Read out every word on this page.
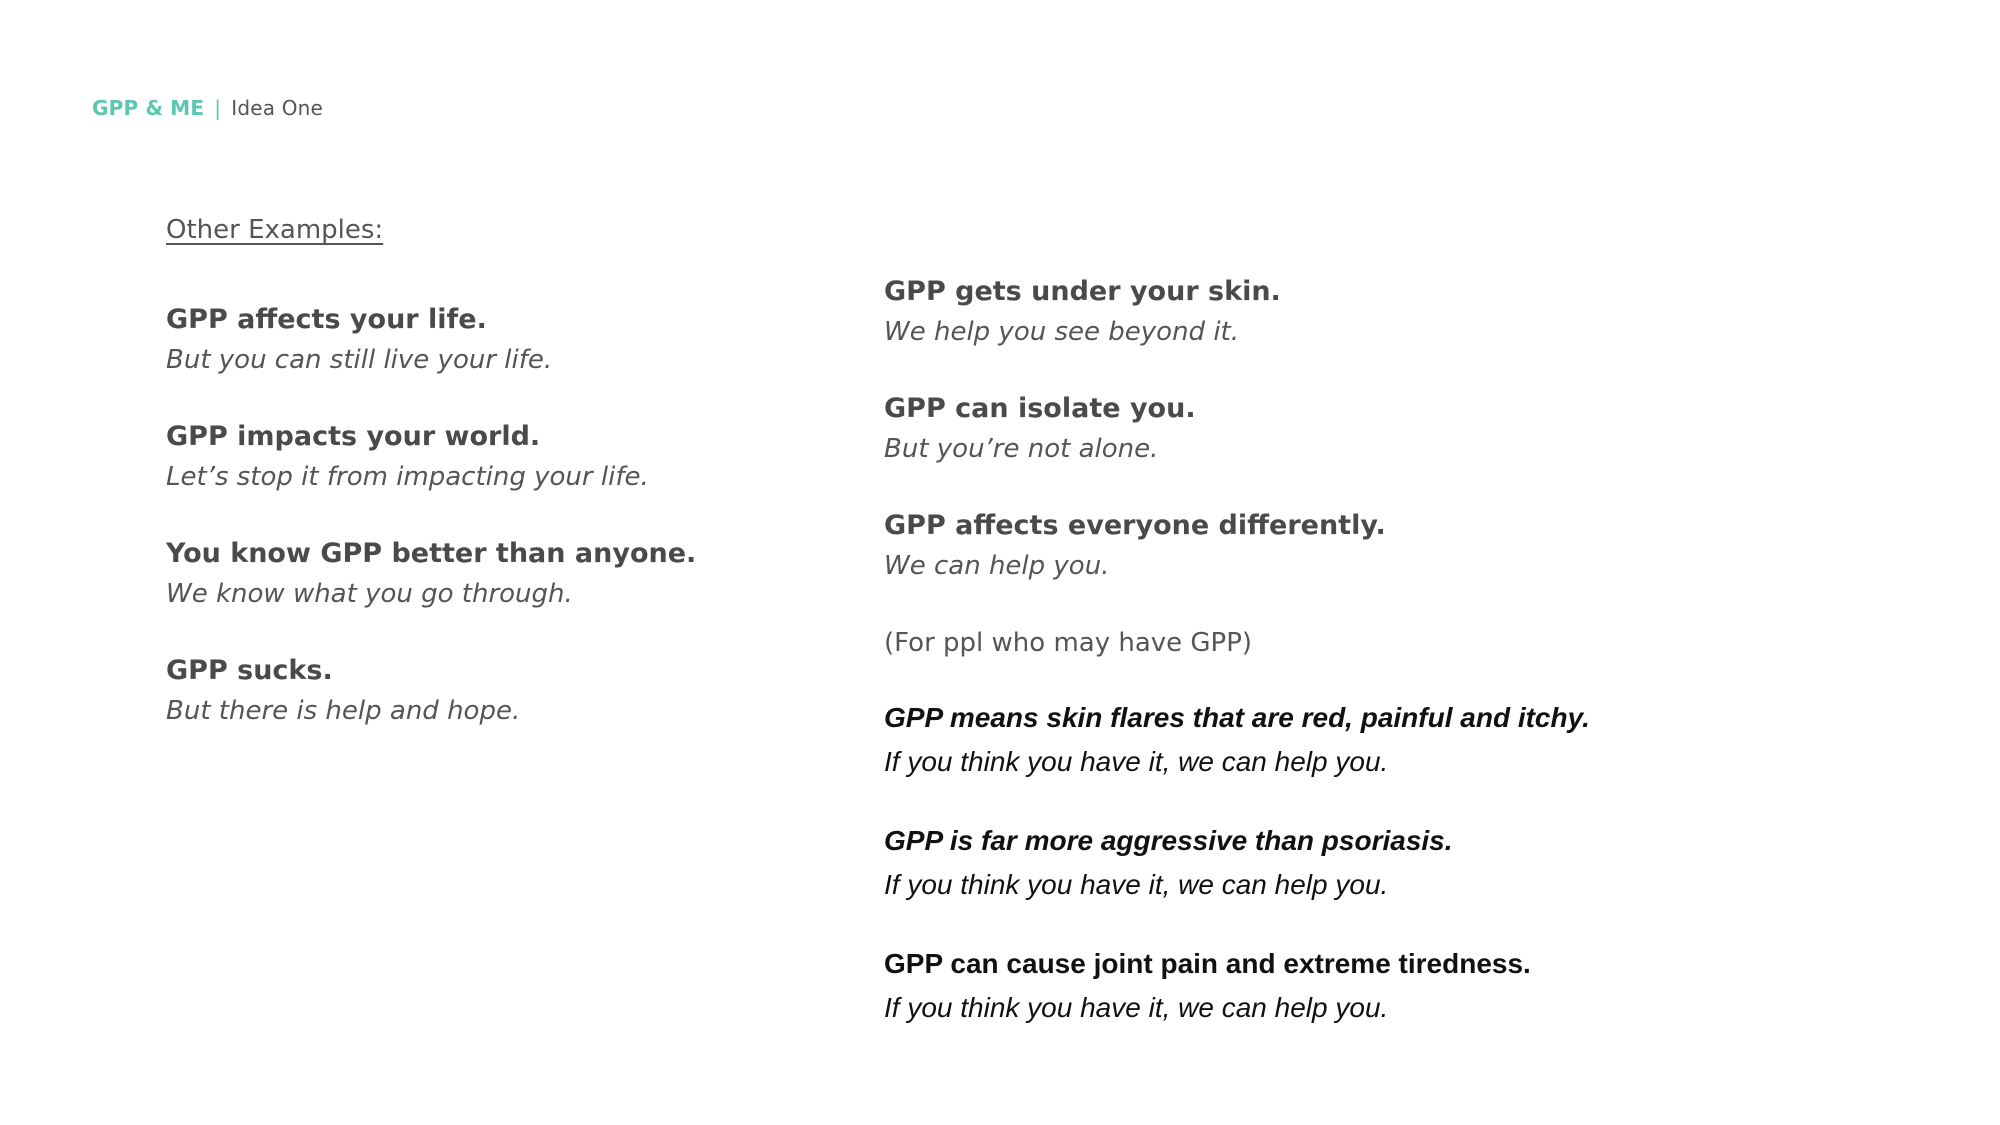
GPP & ME | Idea One
Other Examples:
GPP affects your life.
But you can still live your life.
GPP impacts your world.
Let’s stop it from impacting your life.
You know GPP better than anyone.
We know what you go through.
GPP sucks.
But there is help and hope.
GPP gets under your skin.
We help you see beyond it.
GPP can isolate you.
But you’re not alone.
GPP affects everyone differently.
We can help you.
(For ppl who may have GPP)
GPP means skin flares that are red, painful and itchy.
If you think you have it, we can help you.
GPP is far more aggressive than psoriasis.
If you think you have it, we can help you.
GPP can cause joint pain and extreme tiredness.
If you think you have it, we can help you.
